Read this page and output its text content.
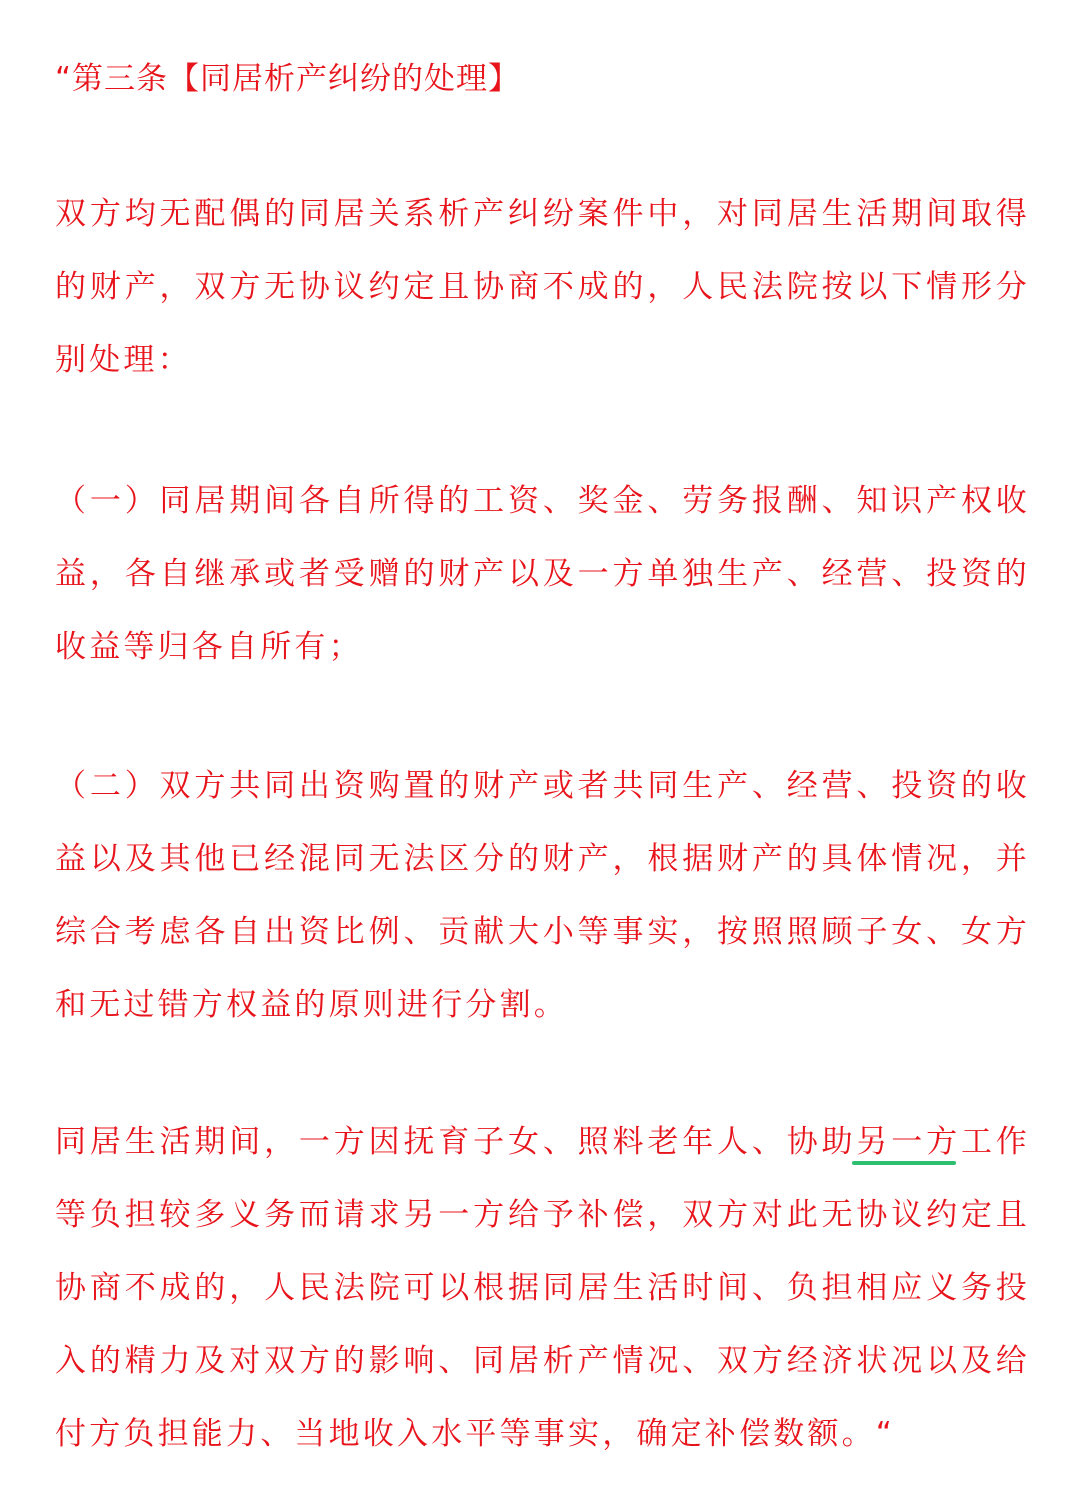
“第三条【同居析产纠纷的处理】
双方均无配偶的同居关系析产纠纷案件中，对同居生活期间取得的财产，双方无协议约定且协商不成的，人民法院按以下情形分别处理：
（一）同居期间各自所得的工资、奖金、劳务报酬、知识产权收益，各自继承或者受赠的财产以及一方单独生产、经营、投资的收益等归各自所有；
（二）双方共同出资购置的财产或者共同生产、经营、投资的收益以及其他已经混同无法区分的财产，根据财产的具体情况，并综合考虑各自出资比例、贡献大小等事实，按照照顾子女、女方和无过错方权益的原则进行分割。
同居生活期间，一方因抚育子女、照料老年人、协助另一方工作等负担较多义务而请求另一方给予补偿，双方对此无协议约定且协商不成的，人民法院可以根据同居生活时间、负担相应义务投入的精力及对双方的影响、同居析产情况、双方经济状况以及给付方负担能力、当地收入水平等事实，确定补偿数额。“
